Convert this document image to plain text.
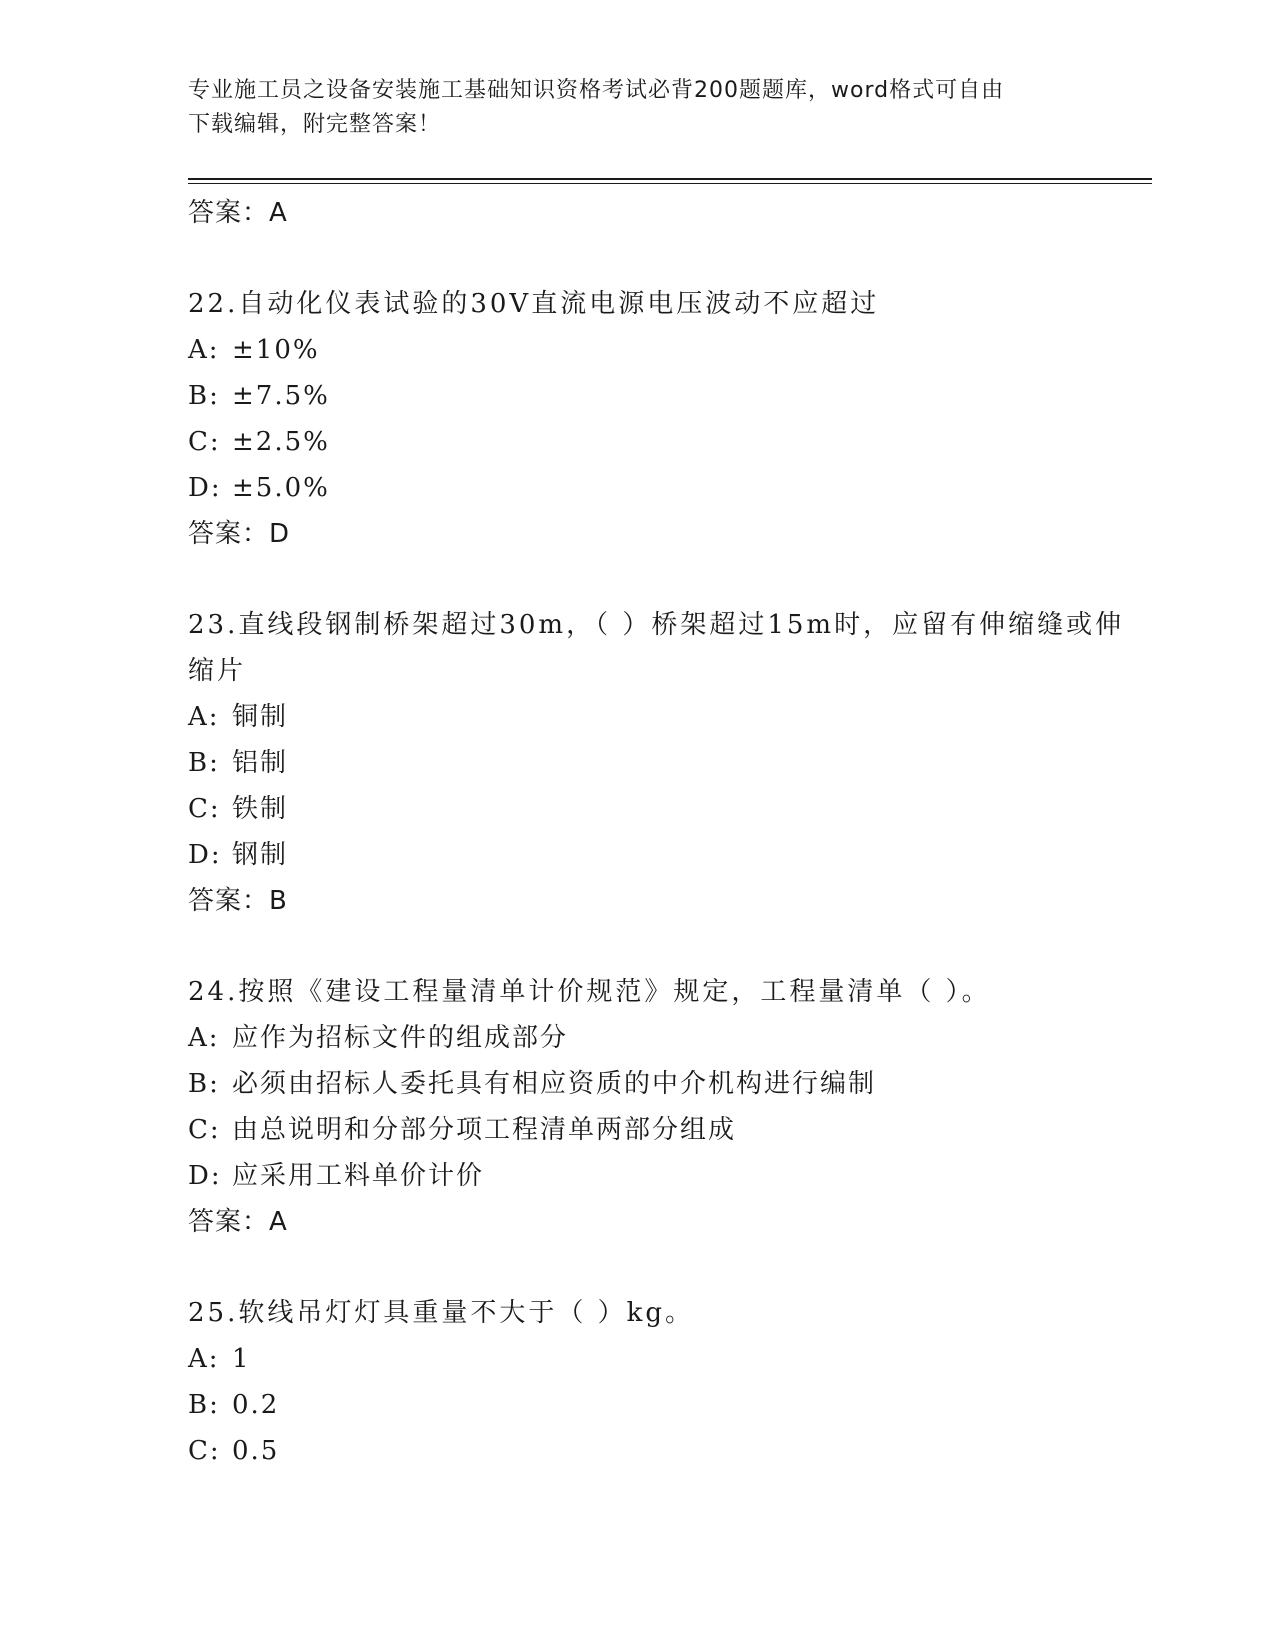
专业施工员之设备安装施工基础知识资格考试必背200题题库，word格式可自由
下载编辑，附完整答案！
答案：A
22.自动化仪表试验的30V直流电源电压波动不应超过
A: ±10%
B: ±7.5%
C: ±2.5%
D: ±5.0%
答案：D
23.直线段钢制桥架超过30m，（ ）桥架超过15m时，应留有伸缩缝或伸缩片
A: 铜制
B: 铝制
C: 铁制
D: 钢制
答案：B
24.按照《建设工程量清单计价规范》规定，工程量清单（ ）。
A: 应作为招标文件的组成部分
B: 必须由招标人委托具有相应资质的中介机构进行编制
C: 由总说明和分部分项工程清单两部分组成
D: 应采用工料单价计价
答案：A
25.软线吊灯灯具重量不大于（ ）kg。
A: 1
B: 0.2
C: 0.5
